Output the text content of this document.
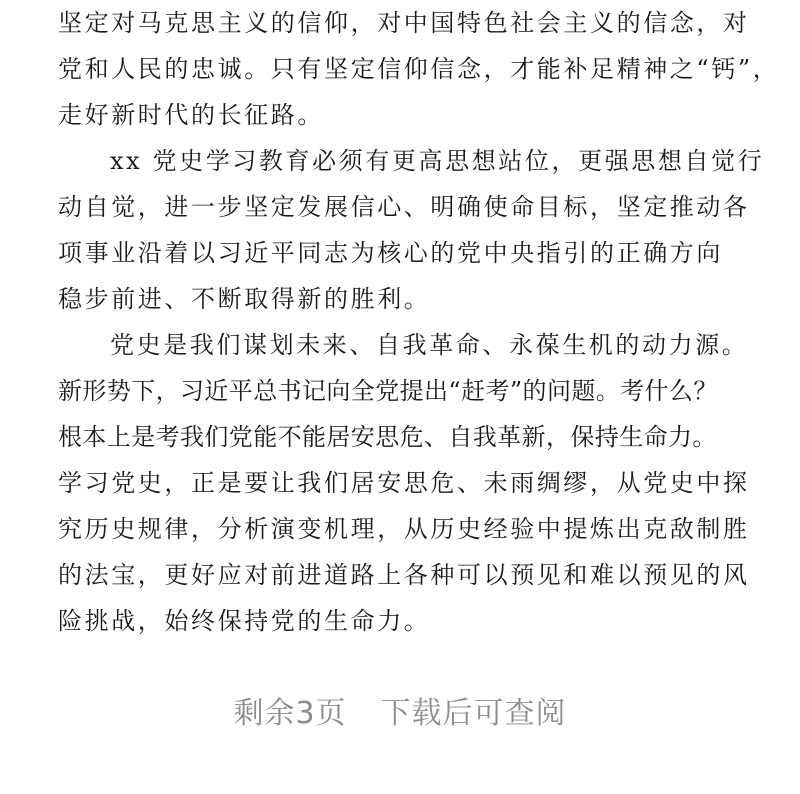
坚定对马克思主义的信仰，对中国特色社会主义的信念，对
党和人民的忠诚。只有坚定信仰信念，才能补足精神之“钙”，
走好新时代的长征路。

xx 党史学习教育必须有更高思想站位，更强思想自觉行
动自觉，进一步坚定发展信心、明确使命目标，坚定推动各
项事业沿着以习近平同志为核心的党中央指引的正确方向
稳步前进、不断取得新的胜利。

党史是我们谋划未来、自我革命、永葆生机的动力源。
新形势下，习近平总书记向全党提出“赶考”的问题。考什么？
根本上是考我们党能不能居安思危、自我革新，保持生命力。
学习党史，正是要让我们居安思危、未雨绸缪，从党史中探
究历史规律，分析演变机理，从历史经验中提炼出克敌制胜
的法宝，更好应对前进道路上各种可以预见和难以预见的风
险挑战，始终保持党的生命力。

剩余3页 下载后可查阅
